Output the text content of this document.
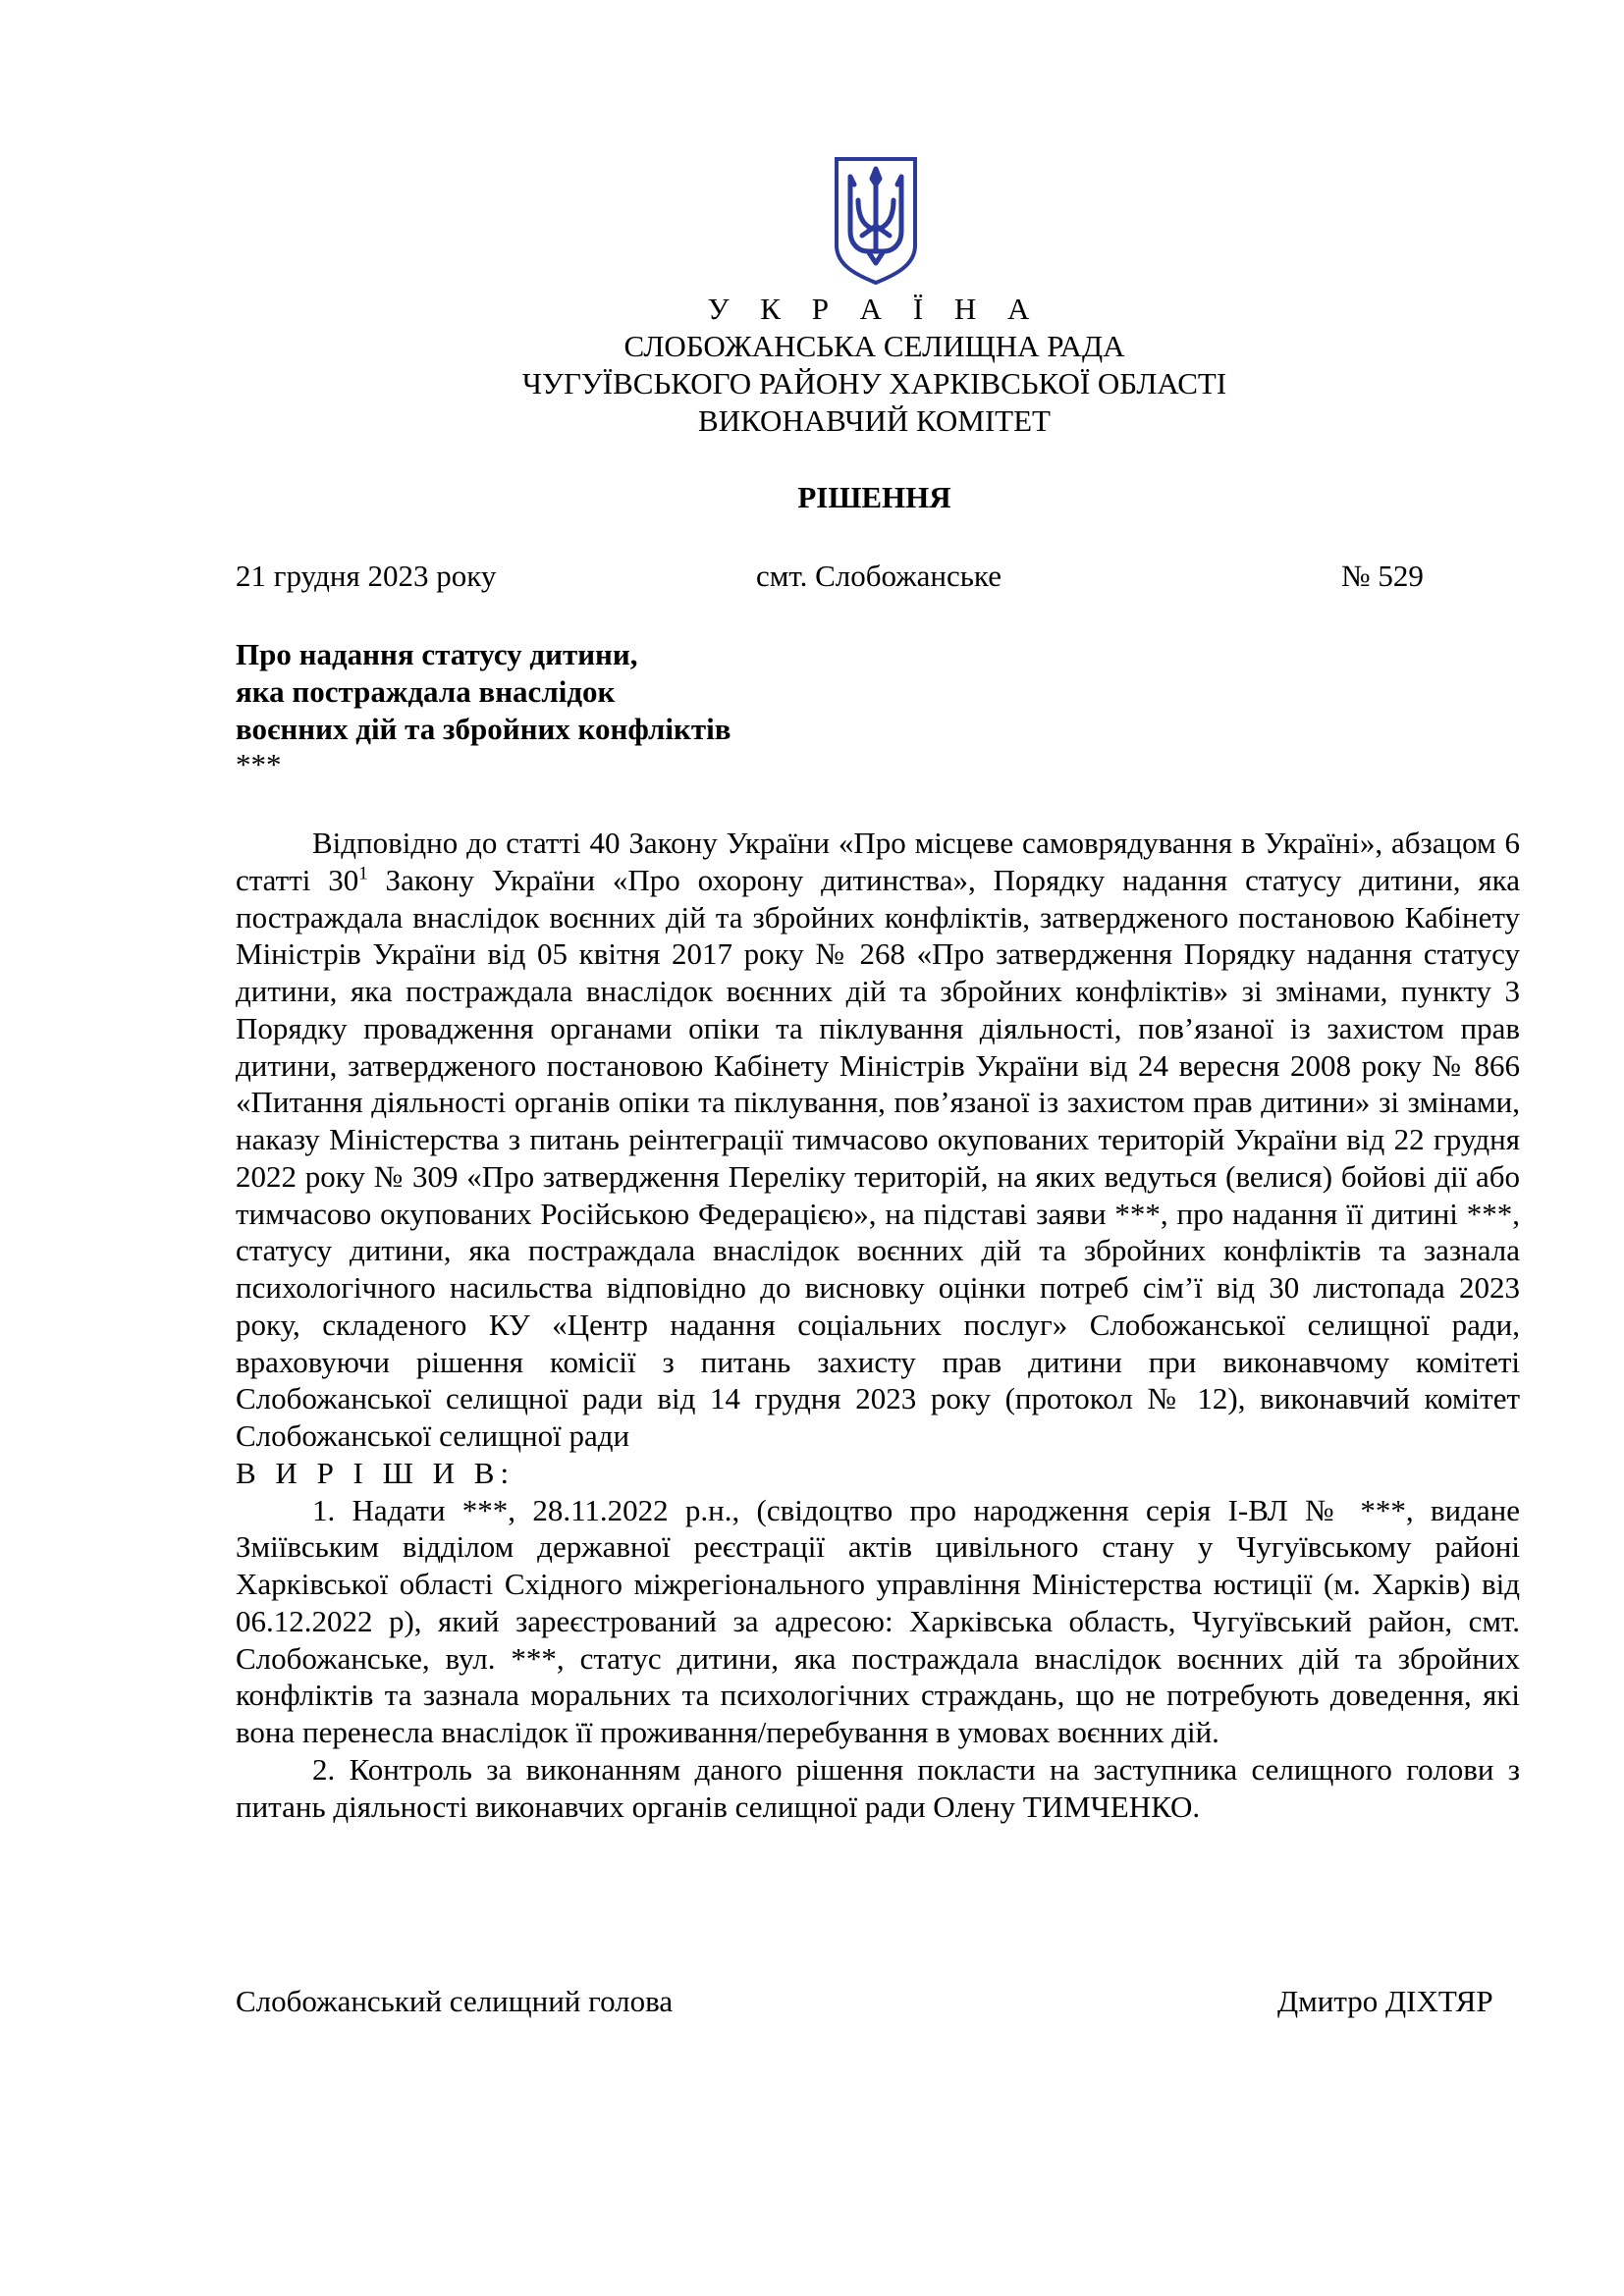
У К Р А Ї Н А
СЛОБОЖАНСЬКА СЕЛИЩНА РАДА
ЧУГУЇВСЬКОГО РАЙОНУ ХАРКІВСЬКОЇ ОБЛАСТІ
ВИКОНАВЧИЙ КОМІТЕТ
РІШЕННЯ
21 грудня 2023 року	смт. Слобожанське	№ 529
Про надання статусу дитини,
яка постраждала внаслідок
воєнних дій та збройних конфліктів
***

Відповідно до статті 40 Закону України «Про місцеве самоврядування в Україні», абзацом 6 статті $30^1$ Закону України «Про охорону дитинства», Порядку надання статусу дитини, яка постраждала внаслідок воєнних дій та збройних конфліктів, затвердженого постановою Кабінету Міністрів України від 05 квітня 2017 року № 268 «Про затвердження Порядку надання статусу дитини, яка постраждала внаслідок воєнних дій та збройних конфліктів» зі змінами, пункту 3 Порядку провадження органами опіки та піклування діяльності, пов’язаної із захистом прав дитини, затвердженого постановою Кабінету Міністрів України від 24 вересня 2008 року № 866 «Питання діяльності органів опіки та піклування, пов’язаної із захистом прав дитини» зі змінами, наказу Міністерства з питань реінтеграції тимчасово окупованих територій України від 22 грудня 2022 року № 309 «Про затвердження Переліку територій, на яких ведуться (велися) бойові дії або тимчасово окупованих Російською Федерацією», на підставі заяви ***, про надання її дитині ***, статусу дитини, яка постраждала внаслідок воєнних дій та збройних конфліктів та зазнала психологічного насильства відповідно до висновку оцінки потреб сім’ї від 30 листопада 2023 року, складеного КУ «Центр надання соціальних послуг» Слобожанської селищної ради, враховуючи рішення комісії з питань захисту прав дитини при виконавчому комітеті Слобожанської селищної ради від 14 грудня 2023 року (протокол № 12), виконавчий комітет Слобожанської селищної ради

В И Р І Ш И В:

1. Надати ***, 28.11.2022 р.н., (свідоцтво про народження серія I-ВЛ № ***, видане Зміївським відділом державної реєстрації актів цивільного стану у Чугуївському районі Харківської області Східного міжрегіонального управління Міністерства юстиції (м. Харків) від 06.12.2022 р), який зареєстрований за адресою: Харківська область, Чугуївський район, смт. Слобожанське, вул. ***, статус дитини, яка постраждала внаслідок воєнних дій та збройних конфліктів та зазнала моральних та психологічних страждань, що не потребують доведення, які вона перенесла внаслідок її проживання/перебування в умовах воєнних дій.

2. Контроль за виконанням даного рішення покласти на заступника селищного голови з питань діяльності виконавчих органів селищної ради Олену ТИМЧЕНКО.

Слобожанський селищний голова	Дмитро ДІХТЯР
